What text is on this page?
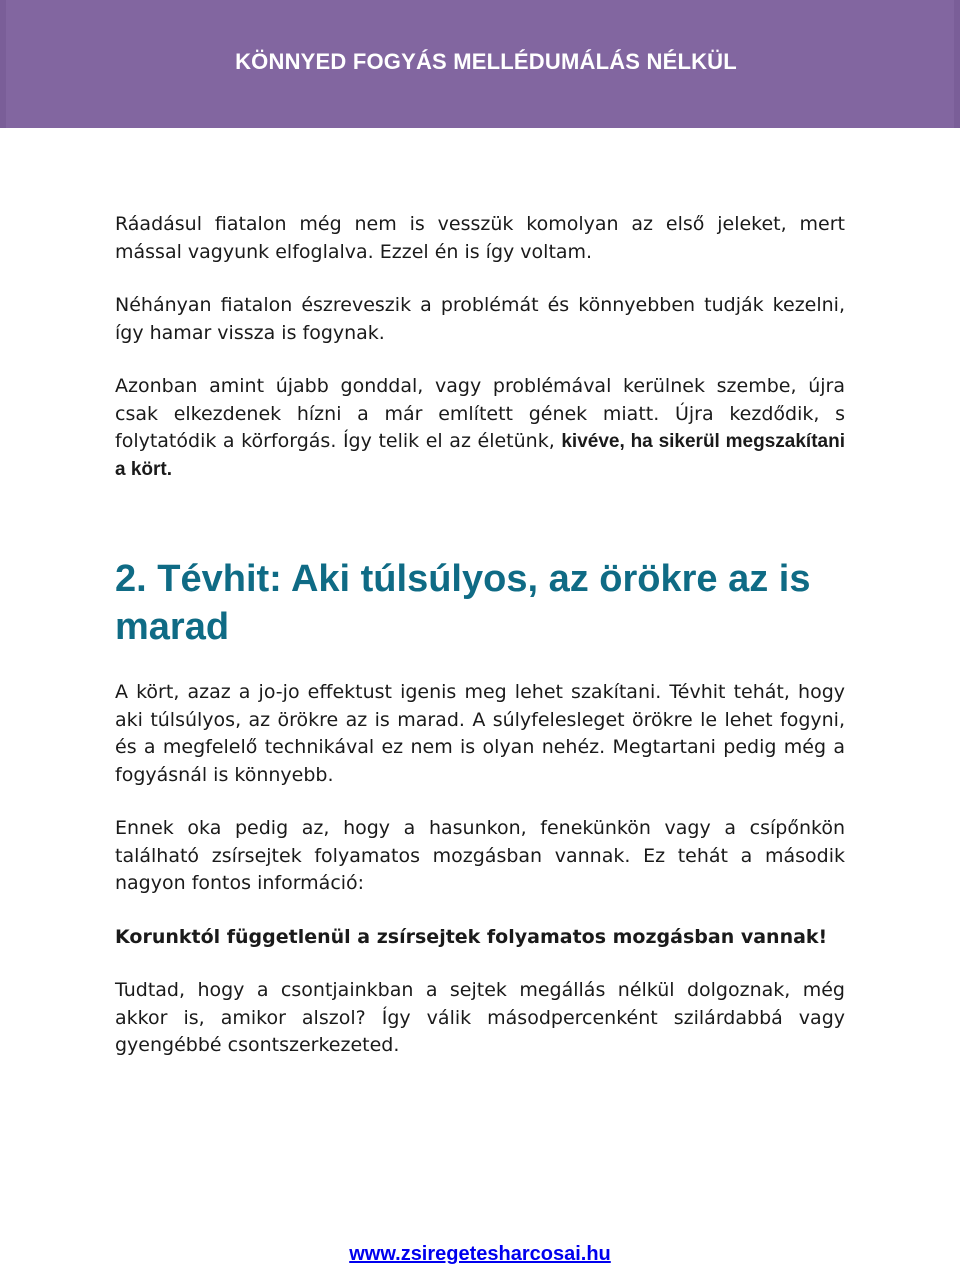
KÖNNYED FOGYÁS MELLÉDUMÁLÁS NÉLKÜL

Ráadásul fiatalon még nem is vesszük komolyan az első jeleket, mert mással vagyunk elfoglalva. Ezzel én is így voltam.

Néhányan fiatalon észreveszik a problémát és könnyebben tudják kezelni, így hamar vissza is fogynak.

Azonban amint újabb gonddal, vagy problémával kerülnek szembe, újra csak elkezdenek hízni a már említett gének miatt. Újra kezdődik, s folytatódik a körforgás. Így telik el az életünk, kivéve, ha sikerül megszakítani a kört.

2. Tévhit: Aki túlsúlyos, az örökre az is marad

A kört, azaz a jo-jo effektust igenis meg lehet szakítani. Tévhit tehát, hogy aki túlsúlyos, az örökre az is marad. A súlyfelesleget örökre le lehet fogyni, és a megfelelő technikával ez nem is olyan nehéz. Megtartani pedig még a fogyásnál is könnyebb.

Ennek oka pedig az, hogy a hasunkon, fenekünkön vagy a csípőnkön található zsírsejtek folyamatos mozgásban vannak. Ez tehát a második nagyon fontos információ:

Korunktól függetlenül a zsírsejtek folyamatos mozgásban vannak!

Tudtad, hogy a csontjainkban a sejtek megállás nélkül dolgoznak, még akkor is, amikor alszol? Így válik másodpercenként szilárdabbá vagy gyengébbé csontszerkezeted.

www.zsiregetesharcosai.hu
